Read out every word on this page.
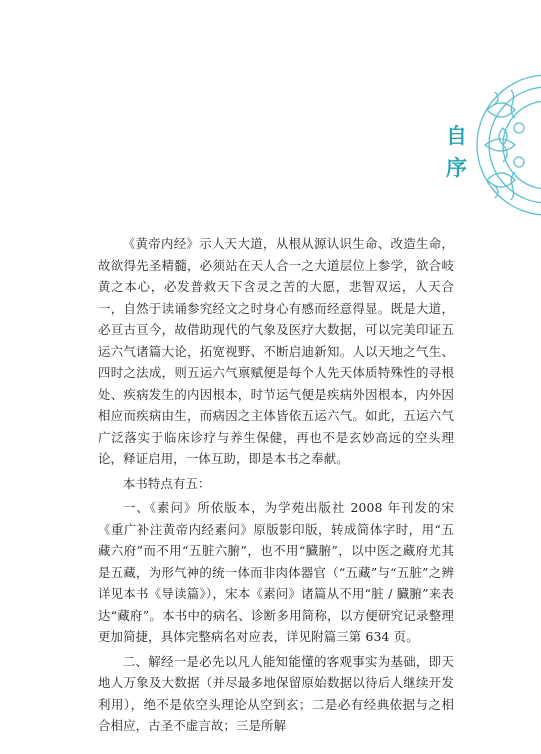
自
序

《黄帝内经》示人天大道，从根从源认识生命、改造生命，故欲得先圣精髓，必须站在天人合一之大道层位上参学，欲合岐黄之本心，必发普救天下含灵之苦的大愿，悲智双运，人天合一，自然于读诵参究经文之时身心有感而经意得显。既是大道，必亘古亘今，故借助现代的气象及医疗大数据，可以完美印证五运六气诸篇大论，拓宽视野、不断启迪新知。人以天地之气生、四时之法成，则五运六气禀赋便是每个人先天体质特殊性的寻根处、疾病发生的内因根本，时节运气便是疾病外因根本，内外因相应而疾病由生，而病因之主体皆依五运六气。如此，五运六气广泛落实于临床诊疗与养生保健，再也不是玄妙高远的空头理论，释证启用，一体互助，即是本书之奉献。

本书特点有五：

一、《素问》所依版本，为学苑出版社 2008 年刊发的宋《重广补注黄帝内经素问》原版影印版，转成简体字时，用“五藏六府”而不用“五脏六腑”，也不用“臓腑”，以中医之藏府尤其是五藏，为形气神的统一体而非肉体器官（“五藏”与“五脏”之辨详见本书《导读篇》），宋本《素问》诸篇从不用“脏 / 臓腑”来表达“藏府”。本书中的病名、诊断多用简称，以方便研究记录整理更加简捷，具体完整病名对应表，详见附篇三第 634 页。

二、解经一是必先以凡人能知能懂的客观事实为基础，即天地人万象及大数据（并尽最多地保留原始数据以待后人继续开发利用），绝不是依空头理论从空到玄；二是必有经典依据与之相合相应，古圣不虚言故；三是所解
